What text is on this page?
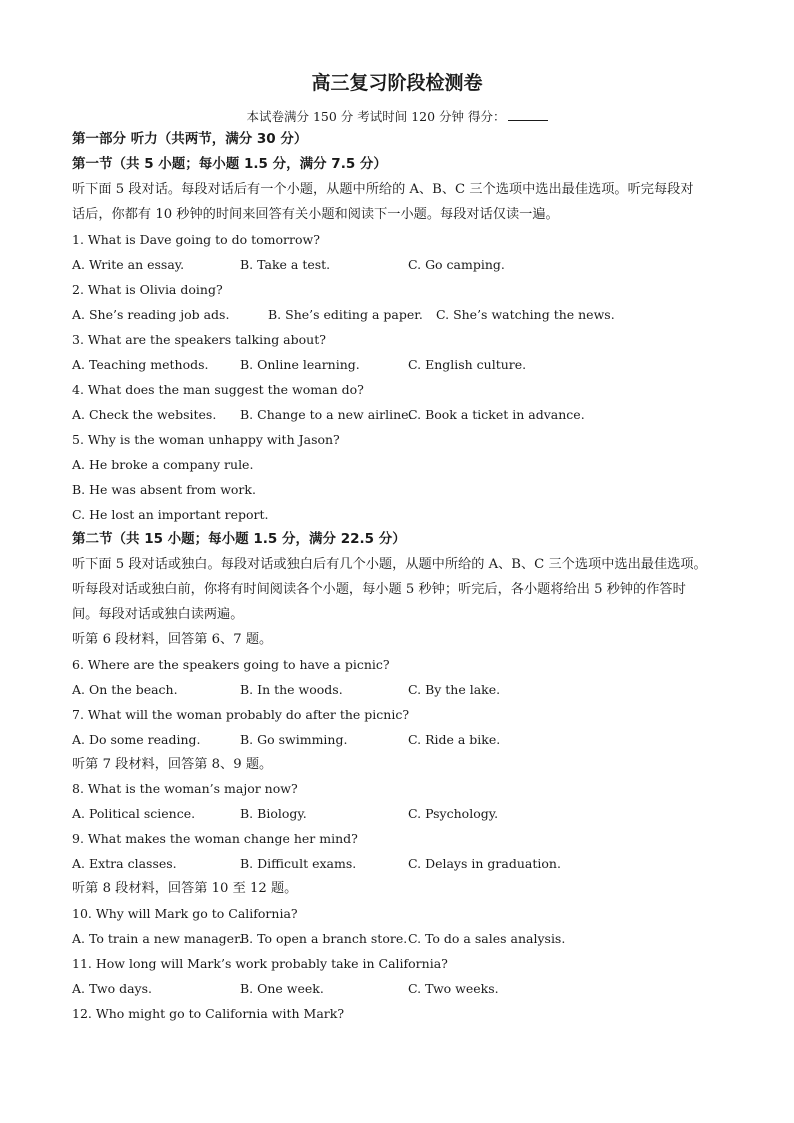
高三复习阶段检测卷
本试卷满分 150 分 考试时间 120 分钟 得分：
第一部分 听力（共两节，满分 30 分）
第一节（共 5 小题；每小题 1.5 分，满分 7.5 分）
听下面 5 段对话。每段对话后有一个小题，从题中所给的 A、B、C 三个选项中选出最佳选项。听完每段对
话后，你都有 10 秒钟的时间来回答有关小题和阅读下一小题。每段对话仅读一遍。
1. What is Dave going to do tomorrow?
A. Write an essay.	B. Take a test.	C. Go camping.
2. What is Olivia doing?
A. She’s reading job ads.	B. She’s editing a paper. C. She’s watching the news.
3. What are the speakers talking about?
A. Teaching methods.	B. Online learning.	C. English culture.
4. What does the man suggest the woman do?
A. Check the websites. B. Change to a new airline.
C. Book a ticket in advance.
5. Why is the woman unhappy with Jason?
A. He broke a company rule.
B. He was absent from work.
C. He lost an important report.
第二节（共 15 小题；每小题 1.5 分，满分 22.5 分）
听下面 5 段对话或独白。每段对话或独白后有几个小题，从题中所给的 A、B、C 三个选项中选出最佳选项。
听每段对话或独白前，你将有时间阅读各个小题，每小题 5 秒钟；听完后，各小题将给出 5 秒钟的作答时
间。每段对话或独白读两遍。
听第 6 段材料，回答第 6、7 题。
6. Where are the speakers going to have a picnic?
A. On the beach.	B. In the woods.	C. By the lake.
7. What will the woman probably do after the picnic?
A. Do some reading.	B. Go swimming.	C. Ride a bike.
听第 7 段材料，回答第 8、9 题。
8. What is the woman’s major now?
A. Political science.	B. Biology.	C. Psychology.
9. What makes the woman change her mind?
A. Extra classes.	B. Difficult exams.	C. Delays in graduation.
听第 8 段材料，回答第 10 至 12 题。
10. Why will Mark go to California?
A. To train a new manager.
B. To open a branch store. C. To do a sales analysis.
11. How long will Mark’s work probably take in California?
A. Two days.	B. One week.	C. Two weeks.
12. Who might go to California with Mark?
